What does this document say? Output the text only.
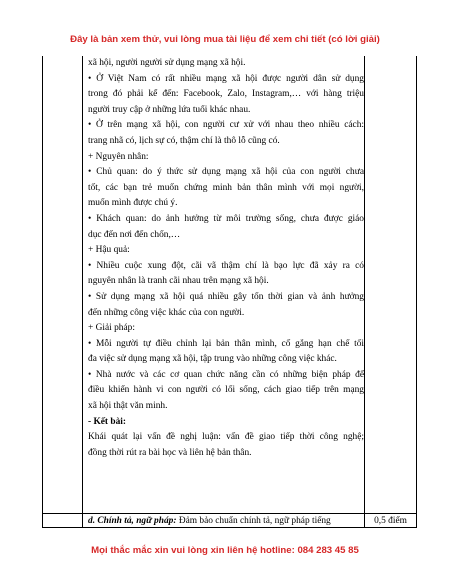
Đây là bản xem thử, vui lòng mua tài liệu để xem chi tiết (có lời giải)

xã hội, người người sử dụng mạng xã hội.

• Ở Việt Nam có rất nhiều mạng xã hội được người dân sử dụng

trong đó phải kể đến: Facebook, Zalo, Instagram,… với hàng triệu

người truy cập ở những lứa tuổi khác nhau.

• Ở trên mạng xã hội, con người cư xử với nhau theo nhiều cách:

trang nhã có, lịch sự có, thậm chí là thô lỗ cũng có.

+ Nguyên nhân:

• Chủ quan: do ý thức sử dụng mạng xã hội của con người chưa

tốt, các bạn trẻ muốn chứng minh bản thân mình với mọi người,

muốn mình được chú ý.

• Khách quan: do ảnh hưởng từ môi trường sống, chưa được giáo

dục đến nơi đến chốn,…

+ Hậu quả:

• Nhiều cuộc xung đột, cãi vã thậm chí là bạo lực đã xảy ra có

nguyên nhân là tranh cãi nhau trên mạng xã hội.

• Sử dụng mạng xã hội quá nhiều gây tốn thời gian và ảnh hưởng

đến những công việc khác của con người.

+ Giải pháp:

• Mỗi người tự điều chỉnh lại bản thân mình, cố gắng hạn chế tối

đa việc sử dụng mạng xã hội, tập trung vào những công việc khác.

• Nhà nước và các cơ quan chức năng cần có những biện pháp để

điều khiển hành vi con người có lối sống, cách giao tiếp trên mạng

xã hội thật văn minh.

- Kết bài:

Khái quát lại vấn đề nghị luận: vấn đề giao tiếp thời công nghệ;

đồng thời rút ra bài học và liên hệ bản thân.

d. Chính tả, ngữ pháp: Đảm bảo chuẩn chính tả, ngữ pháp tiếng	0,5 điểm
Mọi thắc mắc xin vui lòng xin liên hệ hotline: 084 283 45 85
